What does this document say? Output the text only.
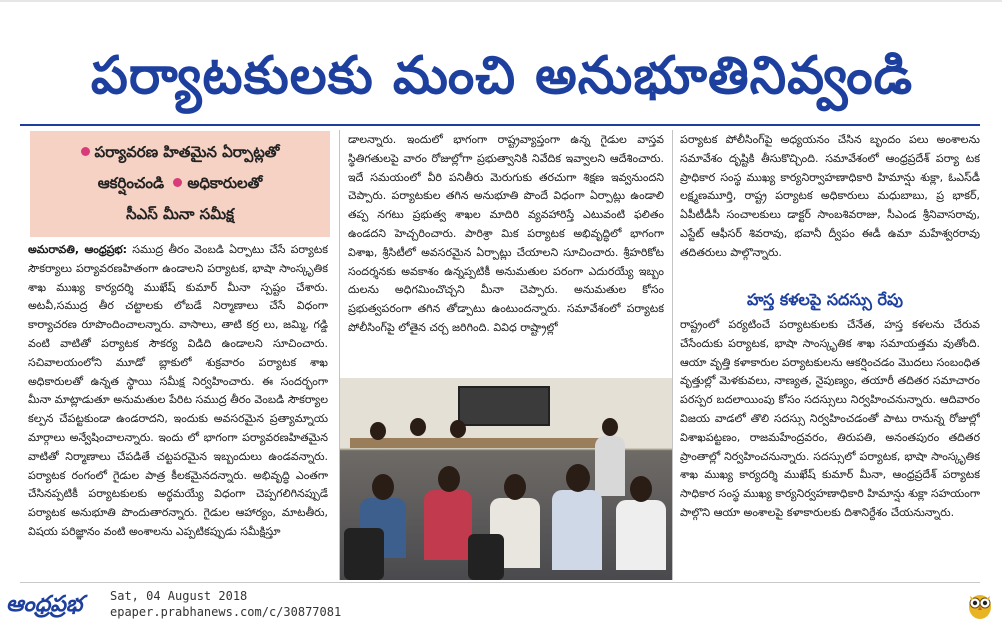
పర్యాటకులకు మంచి అనుభూతినివ్వండి
పర్యావరణ హితమైన ఏర్పాట్లతో
ఆకర్షించండి అధికారులతో
సీఎస్ మీనా సమీక్ష
అమరావతి, ఆంధ్రప్రభ: సముద్ర తీరం వెంబడి ఏర్పాటు చేసే పర్యాటక సౌకర్యాలు పర్యావరణహితంగా ఉండాలని పర్యాటక, భాషా సాంస్కృతిక శాఖ ముఖ్య కార్యదర్శి ముఖేష్ కుమార్ మీనా స్పష్టం చేశారు. అటవీ,సముద్ర తీర చట్టాలకు లోబడే నిర్మాణాలు చేసే విధంగా కార్యాచరణ రూపొందించాలన్నారు. వాసాలు, తాటి కర్ర లు, జమ్మి, గడ్డి వంటి వాటితో పర్యాటక సౌకర్య విడిది ఉండాలని సూచించారు. సచివాలయంలోని మూడో బ్లాకులో శుక్రవారం పర్యాటక శాఖ అధికారులతో ఉన్నత స్థాయి సమీక్ష నిర్వహించారు. ఈ సందర్భంగా మీనా మాట్లాడుతూ అనుమతుల పేరిట సముద్ర తీరం వెంబడి సౌకర్యాల కల్పన చేపట్టకుండా ఉండరాదని, ఇందుకు అవసరమైన ప్రత్యామ్నాయ మార్గాలు అన్వేషించాలన్నారు. ఇందు లో భాగంగా పర్యావరణహితమైన వాటితో నిర్మాణాలు చేపడితే చట్టపరమైన ఇబ్బందులు ఉండవన్నారు. పర్యాటక రంగంలో గైడుల పాత్ర కీలకమైనదన్నారు. అభివృద్ధి ఎంతగా చేసినప్పటికీ పర్యాటకులకు అర్థమయ్యే విధంగా చెప్పగలిగినప్పుడే పర్యాటక అనుభూతి పొందుతారన్నారు. గైడుల ఆహార్యం, మాటతీరు, విషయ పరిజ్ఞానం వంటి అంశాలను ఎప్పటికప్పుడు సమీక్షిస్తూ
డాలన్నారు. ఇందులో భాగంగా రాష్ట్రవ్యాప్తంగా ఉన్న గైడుల వాస్తవ స్థితిగతులపై వారం రోజుల్లోగా ప్రభుత్వానికి నివేదిక ఇవ్వాలని ఆదేశించారు. ఇదే సమయంలో వీరి పనితీరు మెరుగుకు తరచుగా శిక్షణ ఇవ్వనుందని చెప్పారు. పర్యాటకుల తగిన అనుభూతి పొందే విధంగా ఏర్పాట్లు ఉండాలి తప్ప నగటు ప్రభుత్వ శాఖల మాదిరి వ్యవహారిస్తే ఎటువంటి ఫలితం ఉండదని హెచ్చరించారు. పారిశ్రా మిక పర్యాటక అభివృద్ధిలో భాగంగా విశాఖ, శ్రీసిటీలో అవసరమైన ఏర్పాట్లు చేయాలని సూచించారు. శ్రీహరికోట సందర్శనకు అవకాశం ఉన్నప్పటికీ అనుమతుల పరంగా ఎదురయ్యే ఇబ్బం దులను అధిగమించొచ్చని మీనా చెప్పారు. అనుమతుల కోసం ప్రభుత్వపరంగా తగిన తోడ్పాటు ఉంటుందన్నారు. సమావేశంలో పర్యాటక పోలీసింగ్‌పై లోతైన చర్చ జరిగింది. వివిధ రాష్ట్రాల్లో
పర్యాటక పోలీసింగ్‌పై అధ్యయనం చేసిన బృందం పలు అంశాలను సమావేశం దృష్టికి తీసుకొచ్చింది. సమావేశంలో ఆంధ్రప్రదేశ్ పర్యా టక ప్రాధికార సంస్థ ముఖ్య కార్యనిర్వాహణాధికారి హిమాన్షు శుక్లా, ఓఎస్‌డీ లక్ష్మణమూర్తి, రాష్ట్ర పర్యాటక అధికారులు మధుబాబు, ప్ర భాకర్, ఏపీటీడీసీ సంచాలకులు డాక్టర్ సాంబశివరాజు, సీఎండ శ్రీనివాసరావు, ఎస్టేట్ ఆఫీసర్ శివరావు, భవానీ ద్వీపం ఈడీ ఉమా మహేశ్వరరావు తదితరులు పాల్గొన్నారు.
హస్త కళలపై సదస్సు రేపు
రాష్ట్రంలో పర్యటించే పర్యాటకులకు చేనేత, హస్త కళలను చేరువ చేసేందుకు పర్యాటక, భాషా సాంస్కృతిక శాఖ సమాయత్తమ వుతోంది. ఆయా వృత్తి కళాకారుల పర్యాటకులను ఆకర్షించడం మొదలు సంబంధిత వృత్తుల్లో మెళకువలు, నాణ్యత, నైపుణ్యం, తయారీ తదితర సమాచారం పరస్పర బదలాయింపు కోసం సదస్సులు నిర్వహించనున్నారు. ఆదివారం విజయ వాడలో తొలి సదస్సు నిర్వహించడంతో పాటు రానున్న రోజుల్లో విశాఖపట్టణం, రాజమహేంద్రవరం, తిరుపతి, అనంతపురం తదితర ప్రాంతాల్లో నిర్వహించనున్నారు. సదస్సులో పర్యాటక, భాషా సాంస్కృతిక శాఖ ముఖ్య కార్యదర్శి ముఖేష్ కుమార్ మీనా, ఆంధ్రప్రదేశ్ పర్యాటక సాధికార సంస్థ ముఖ్య కార్యనిర్వహణాధికారి హిమాన్షు శుక్లా సహయంగా పాల్గొని ఆయా అంశాలపై కళాకారులకు దిశానిర్దేశం చేయనున్నారు.
ఆంధ్రప్రభ	Sat, 04 August 2018
epaper.prabhanews.com/c/30877081
